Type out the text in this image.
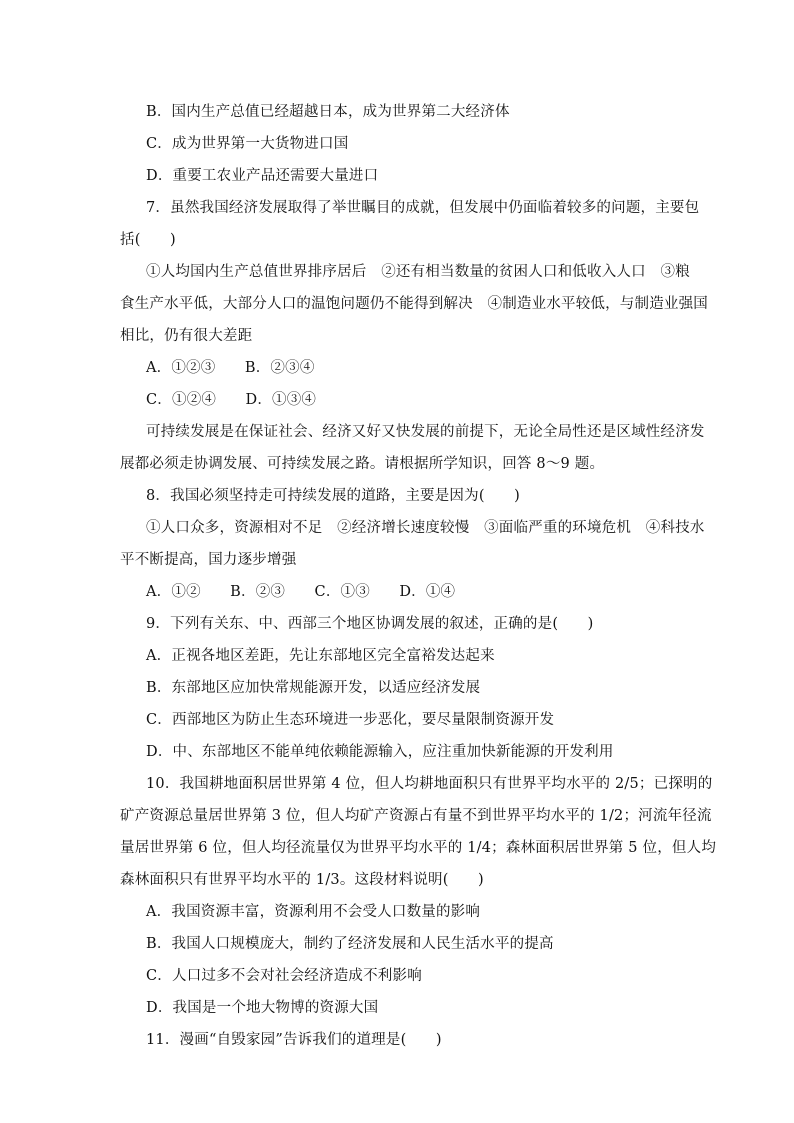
B．国内生产总值已经超越日本，成为世界第二大经济体
C．成为世界第一大货物进口国
D．重要工农业产品还需要大量进口
7．虽然我国经济发展取得了举世瞩目的成就，但发展中仍面临着较多的问题，主要包
括(　　)
①人均国内生产总值世界排序居后　②还有相当数量的贫困人口和低收入人口　③粮
食生产水平低，大部分人口的温饱问题仍不能得到解决　④制造业水平较低，与制造业强国
相比，仍有很大差距
A．①②③　　B．②③④
C．①②④　　D．①③④
可持续发展是在保证社会、经济又好又快发展的前提下，无论全局性还是区域性经济发
展都必须走协调发展、可持续发展之路。请根据所学知识，回答 8～9 题。
8．我国必须坚持走可持续发展的道路，主要是因为(　　)
①人口众多，资源相对不足　②经济增长速度较慢　③面临严重的环境危机　④科技水
平不断提高，国力逐步增强
A．①②　　B．②③　　C．①③　　D．①④
9．下列有关东、中、西部三个地区协调发展的叙述，正确的是(　　)
A．正视各地区差距，先让东部地区完全富裕发达起来
B．东部地区应加快常规能源开发，以适应经济发展
C．西部地区为防止生态环境进一步恶化，要尽量限制资源开发
D．中、东部地区不能单纯依赖能源输入，应注重加快新能源的开发利用
10．我国耕地面积居世界第 4 位，但人均耕地面积只有世界平均水平的 2/5；已探明的
矿产资源总量居世界第 3 位，但人均矿产资源占有量不到世界平均水平的 1/2；河流年径流
量居世界第 6 位，但人均径流量仅为世界平均水平的 1/4；森林面积居世界第 5 位，但人均
森林面积只有世界平均水平的 1/3。这段材料说明(　　)
A．我国资源丰富，资源利用不会受人口数量的影响
B．我国人口规模庞大，制约了经济发展和人民生活水平的提高
C．人口过多不会对社会经济造成不利影响
D．我国是一个地大物博的资源大国
11．漫画“自毁家园”告诉我们的道理是(　　)
